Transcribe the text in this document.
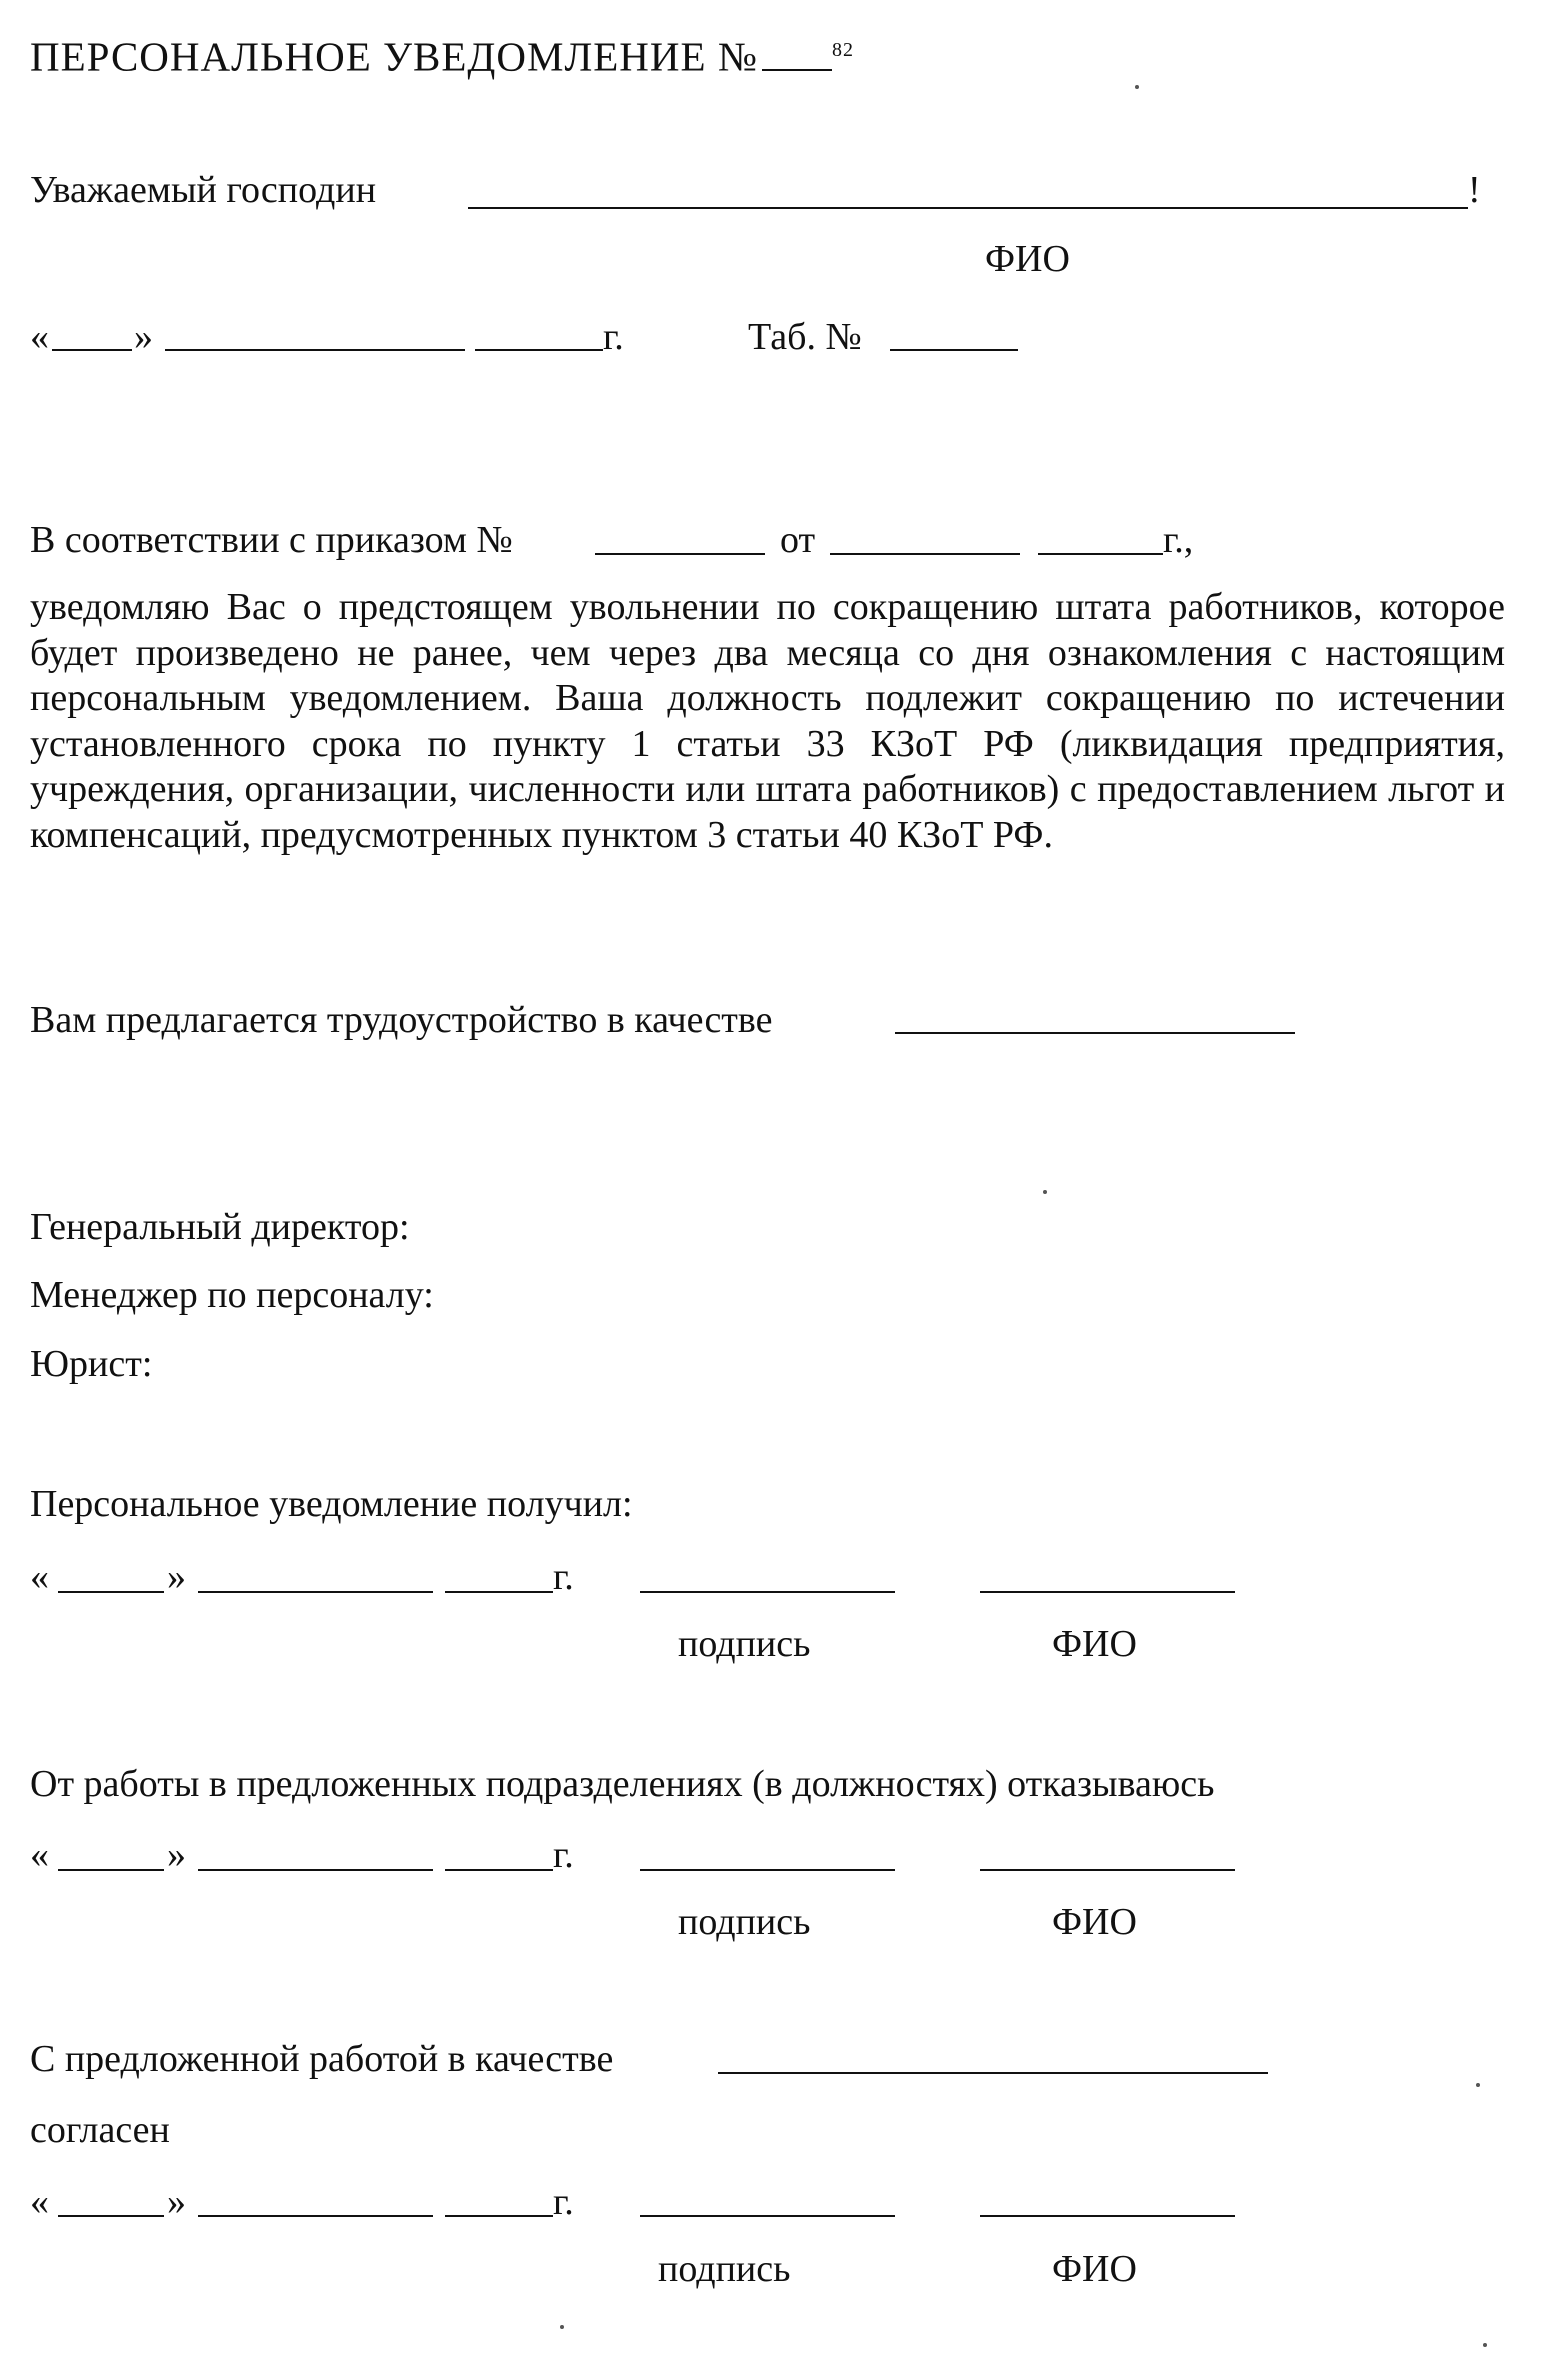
ПЕРСОНАЛЬНОЕ УВЕДОМЛЕНИЕ №	$^{82}$
Уважаемый господин	!
ФИО
« »	г.	Таб. №
В соответствии с приказом №	от	г.,
уведомляю Вас о предстоящем увольнении по сокращению штата работников, которое будет произведено не ранее, чем через два месяца со дня ознакомления с настоящим персональным уведомлением. Ваша должность подлежит сокращению по истечении установленного срока по пункту 1 статьи 33 КЗоТ РФ (ликвидация предприятия, учреждения, организации, численности или штата работников) с предоставлением льгот и компенсаций, предусмотренных пунктом 3 статьи 40 КЗоТ РФ.
Вам предлагается трудоустройство в качестве
Генеральный директор:
Менеджер по персоналу:
Юрист:
Персональное уведомление получил:
«	»	г.
подпись	ФИО
От работы в предложенных подразделениях (в должностях) отказываюсь
«	»	г.
подпись	ФИО
С предложенной работой в качестве
согласен
«	»	г.
подпись	ФИО
